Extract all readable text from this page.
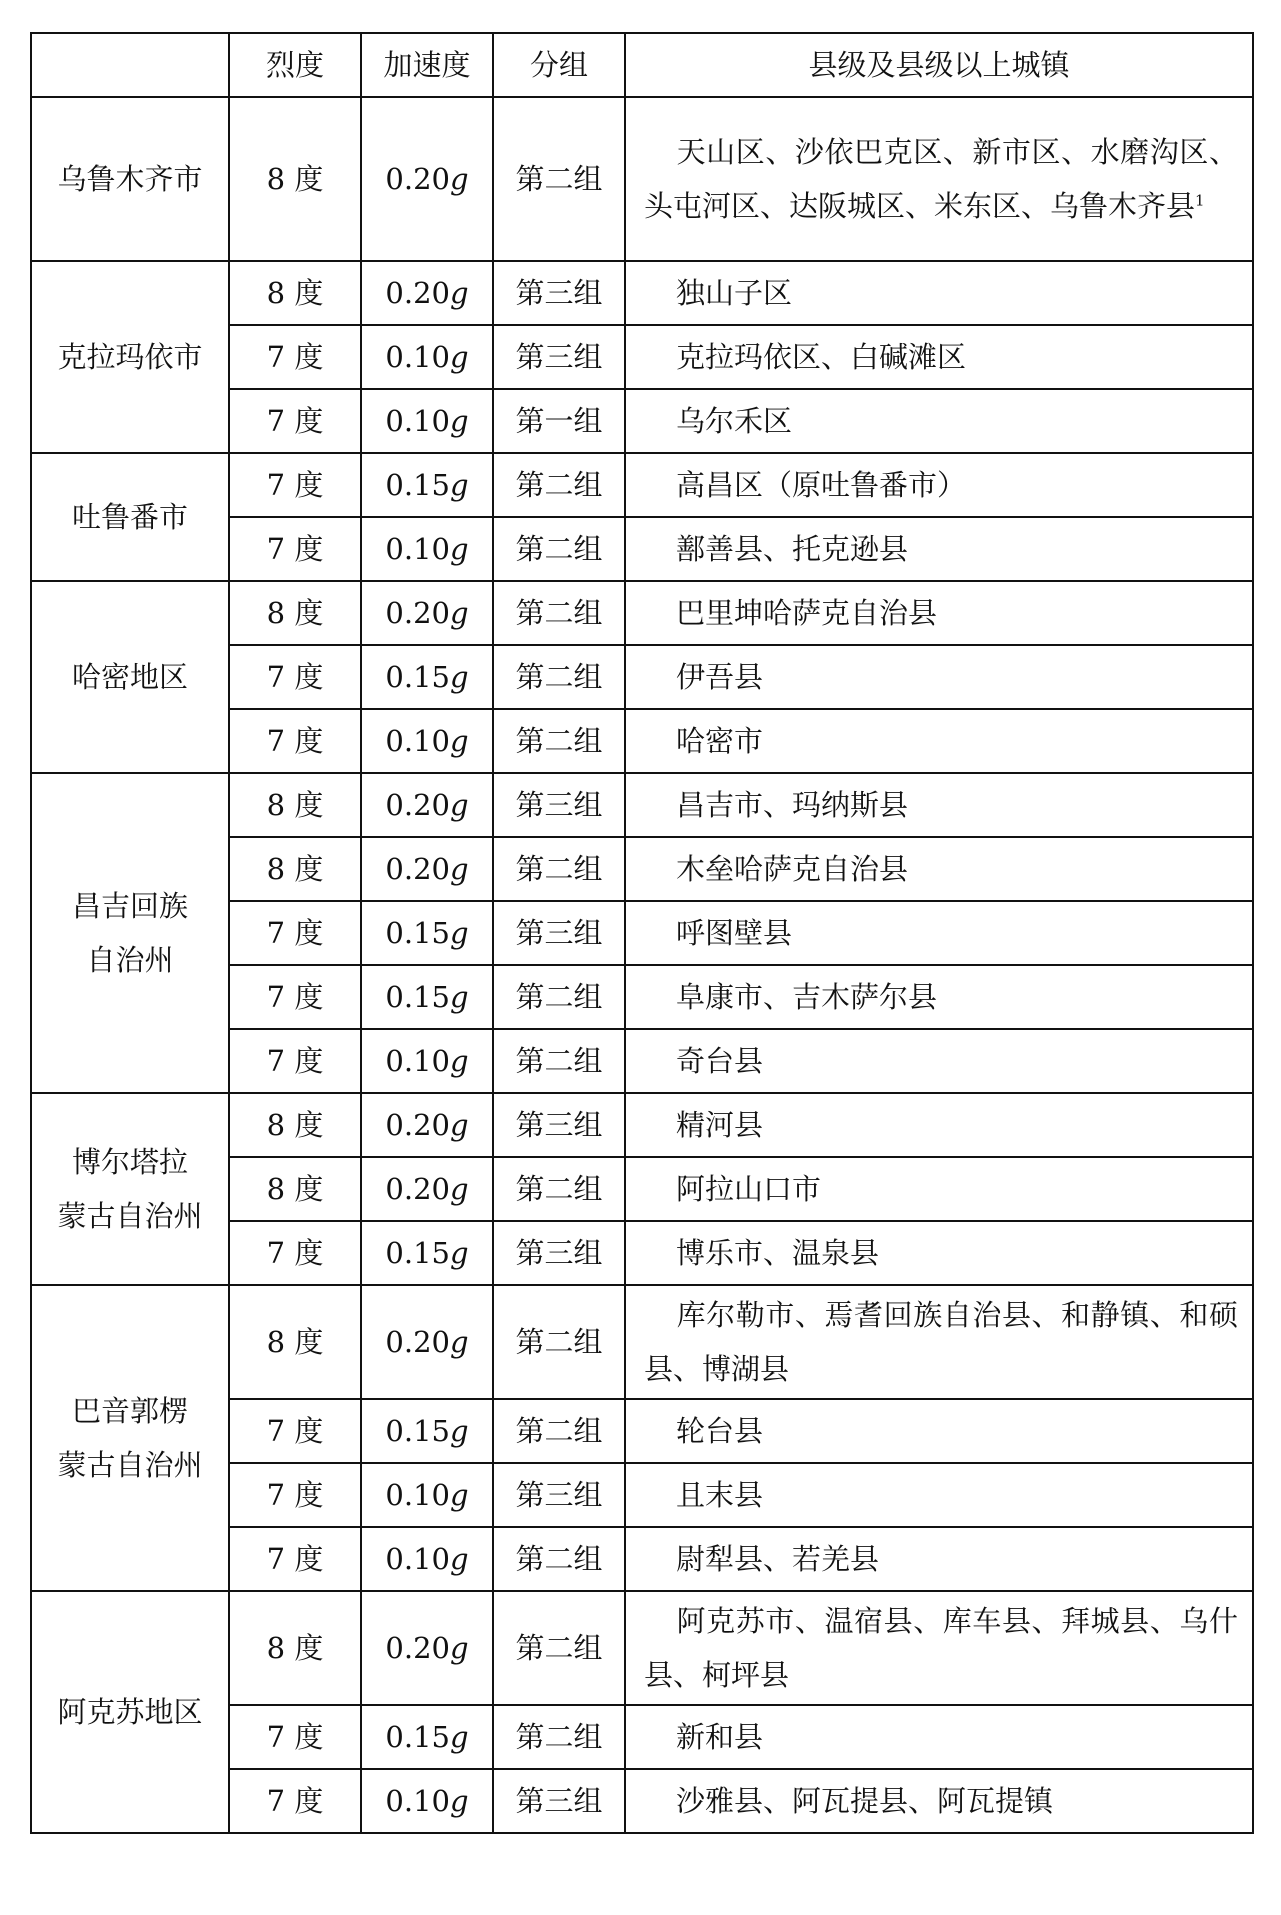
	烈度	加速度	分组	县级及县级以上城镇
乌鲁木齐市	8 度	0.20g	第二组	天山区、沙依巴克区、新市区、水磨沟区、头屯河区、达阪城区、米东区、乌鲁木齐县$^1$
克拉玛依市	8 度	0.20g	第三组	独山子区
	7 度	0.10g	第三组	克拉玛依区、白碱滩区
	7 度	0.10g	第一组	乌尔禾区
吐鲁番市	7 度	0.15g	第二组	高昌区（原吐鲁番市）
	7 度	0.10g	第二组	鄯善县、托克逊县
哈密地区	8 度	0.20g	第二组	巴里坤哈萨克自治县
	7 度	0.15g	第二组	伊吾县
	7 度	0.10g	第二组	哈密市

昌吉回族
自治州	8 度	0.20g	第三组	昌吉市、玛纳斯县
	8 度	0.20g	第二组	木垒哈萨克自治县
	7 度	0.15g	第三组	呼图壁县
	7 度	0.15g	第二组	阜康市、吉木萨尔县
	7 度	0.10g	第二组	奇台县

博尔塔拉
蒙古自治州	8 度	0.20g	第三组	精河县
	8 度	0.20g	第二组	阿拉山口市
	7 度	0.15g	第三组	博乐市、温泉县

巴音郭楞
蒙古自治州	8 度	0.20g	第二组	库尔勒市、焉耆回族自治县、和静镇、和硕县、博湖县
	7 度	0.15g	第二组	轮台县
	7 度	0.10g	第三组	且末县
	7 度	0.10g	第二组	尉犁县、若羌县
阿克苏地区	8 度	0.20g	第二组	阿克苏市、温宿县、库车县、拜城县、乌什县、柯坪县
	7 度	0.15g	第二组	新和县
	7 度	0.10g	第三组	沙雅县、阿瓦提县、阿瓦提镇
